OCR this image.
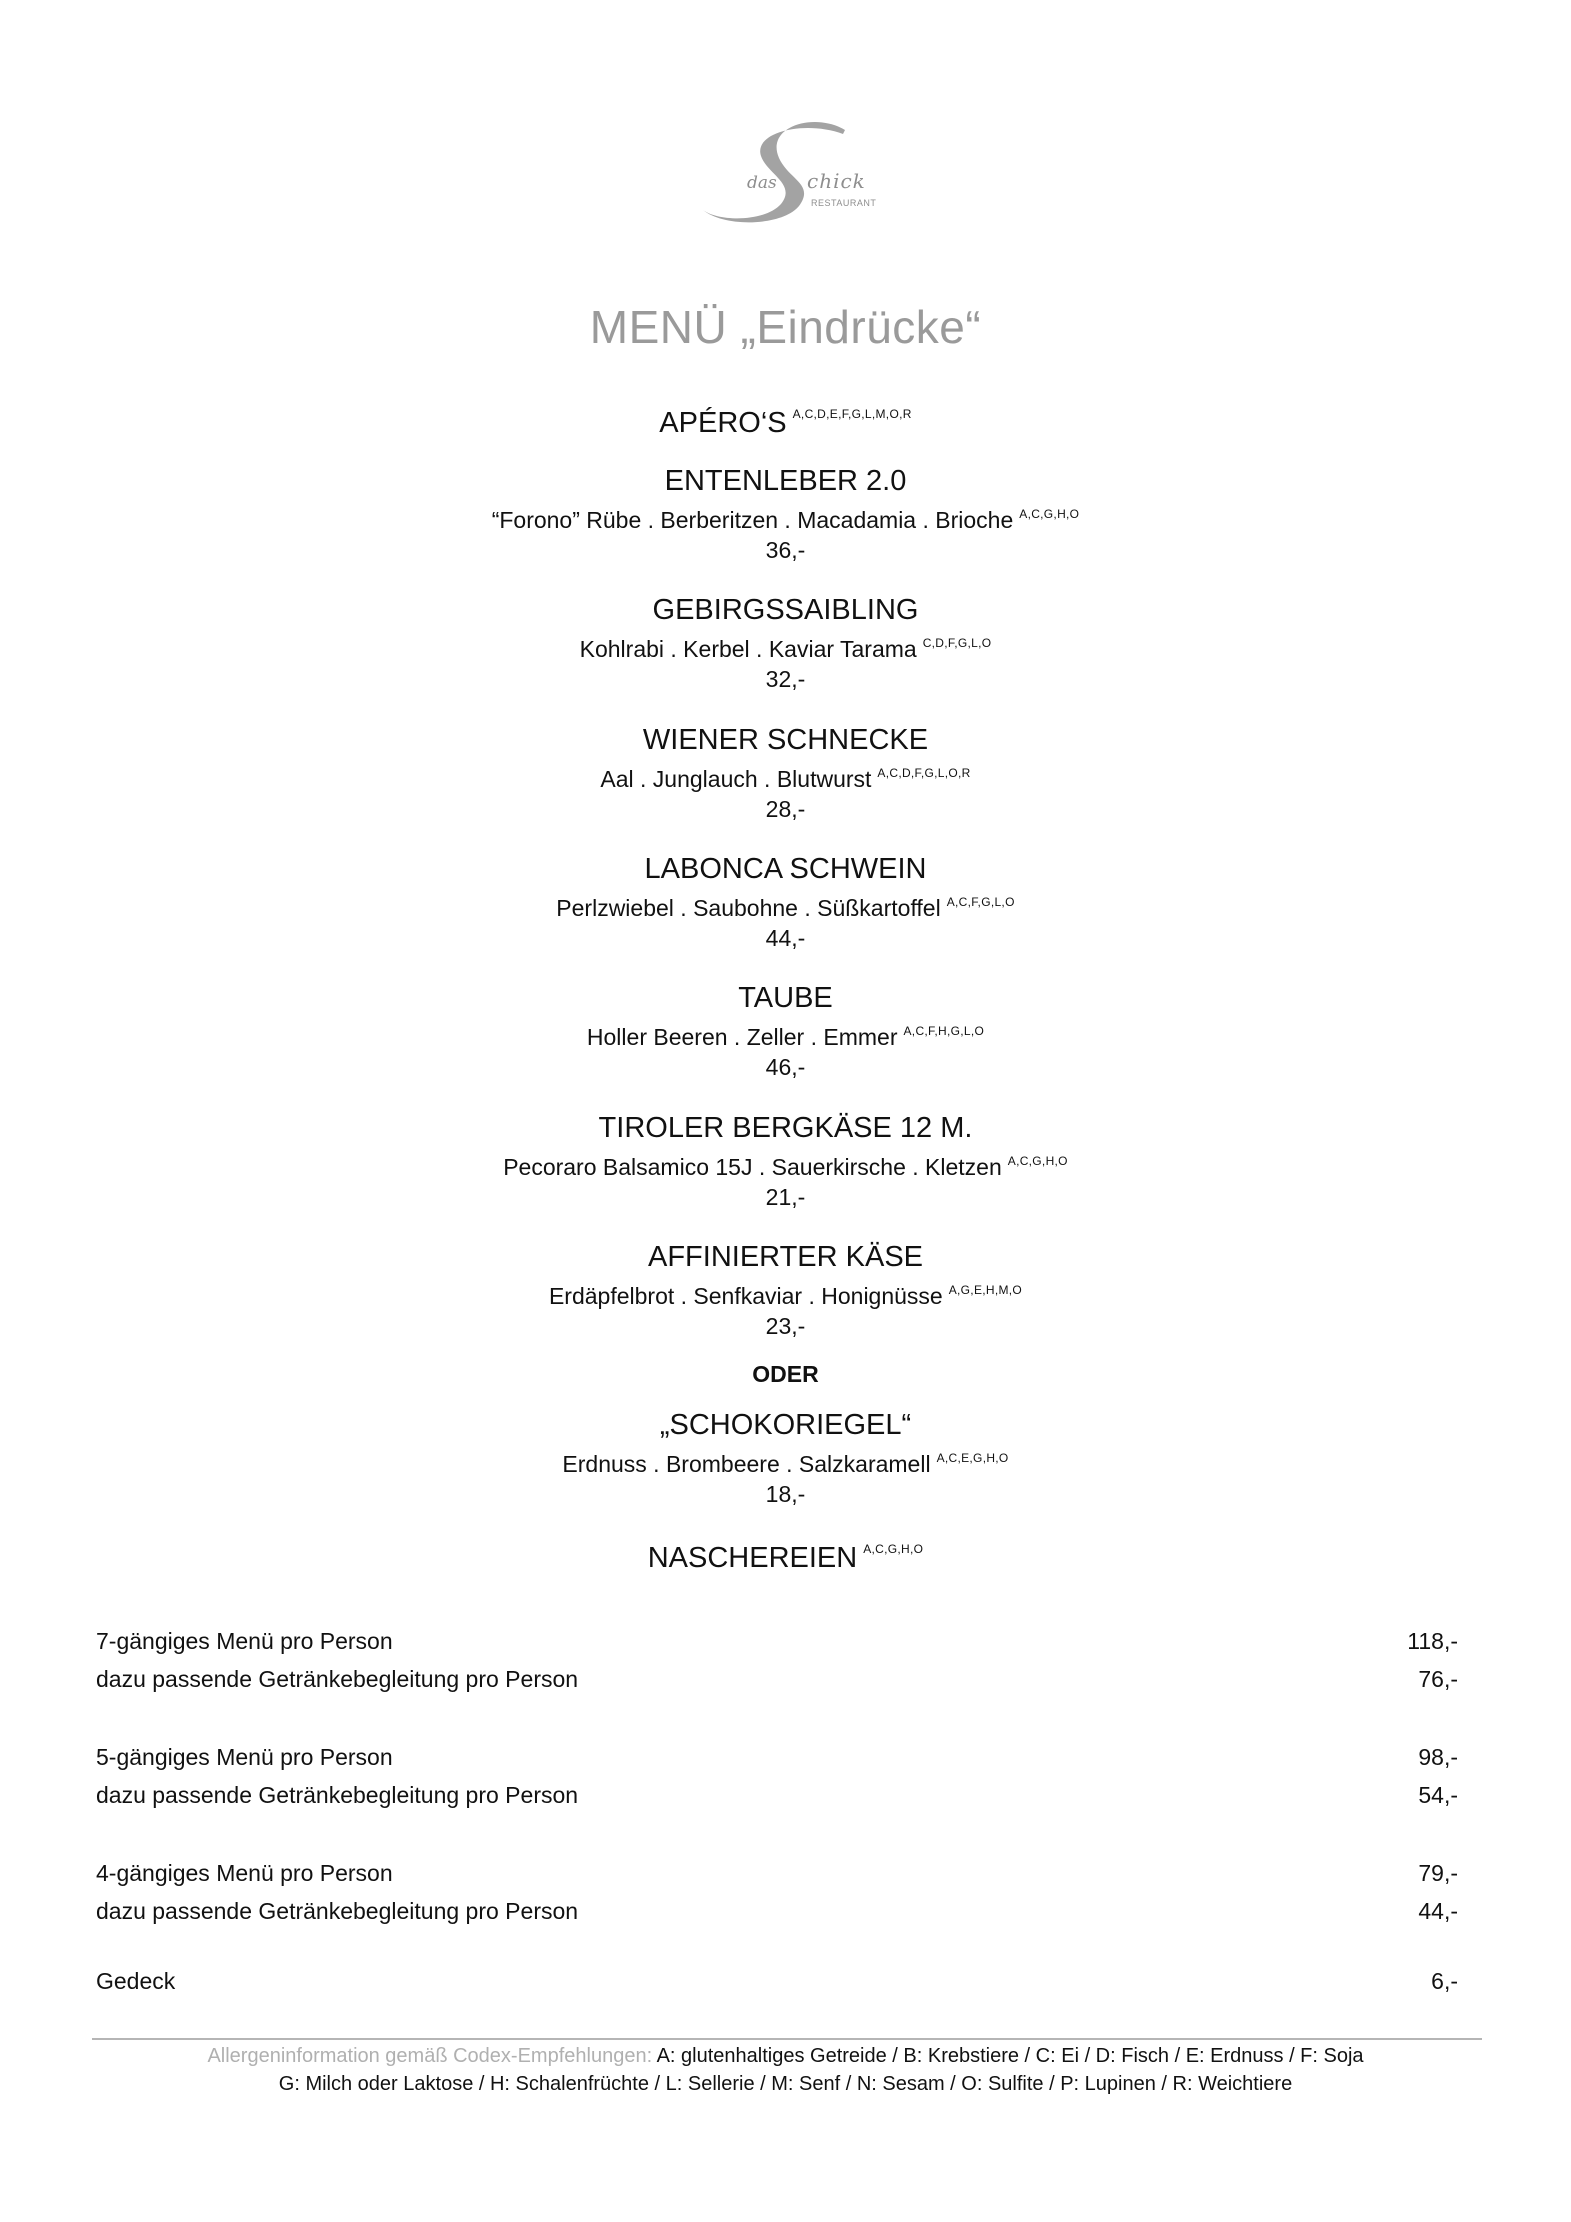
das chick
RESTAURANT
MENÜ „Eindrücke“
APÉRO‘S $^{A,C,D,E,F,G,L,M,O,R}$
ENTENLEBER 2.0
“Forono” Rübe . Berberitzen . Macadamia . Brioche $^{A,C,G,H,O}$
36,-
GEBIRGSSAIBLING
Kohlrabi . Kerbel . Kaviar Tarama $^{C,D,F,G,L,O}$
32,-
WIENER SCHNECKE
Aal . Junglauch . Blutwurst $^{A,C,D,F,G,L,O,R}$
28,-
LABONCA SCHWEIN
Perlzwiebel . Saubohne . Süßkartoffel $^{A,C,F,G,L,O}$
44,-
TAUBE
Holler Beeren . Zeller . Emmer $^{A,C,F,H,G,L,O}$
46,-
TIROLER BERGKÄSE 12 M.
Pecoraro Balsamico 15J . Sauerkirsche . Kletzen $^{A,C,G,H,O}$
21,-
AFFINIERTER KÄSE
Erdäpfelbrot . Senfkaviar . Honignüsse $^{A,G,E,H,M,O}$
23,-
ODER
„SCHOKORIEGEL“
Erdnuss . Brombeere . Salzkaramell $^{A,C,E,G,H,O}$
18,-
NASCHEREIEN $^{A,C,G,H,O}$
7-gängiges Menü pro Person	118,-
dazu passende Getränkebegleitung pro Person	76,-
5-gängiges Menü pro Person	98,-
dazu passende Getränkebegleitung pro Person	54,-
4-gängiges Menü pro Person	79,-
dazu passende Getränkebegleitung pro Person	44,-
Gedeck	6,-
Allergeninformation gemäß Codex-Empfehlungen: A: glutenhaltiges Getreide / B: Krebstiere / C: Ei / D: Fisch / E: Erdnuss / F: Soja
G: Milch oder Laktose / H: Schalenfrüchte / L: Sellerie / M: Senf / N: Sesam / O: Sulfite / P: Lupinen / R: Weichtiere
